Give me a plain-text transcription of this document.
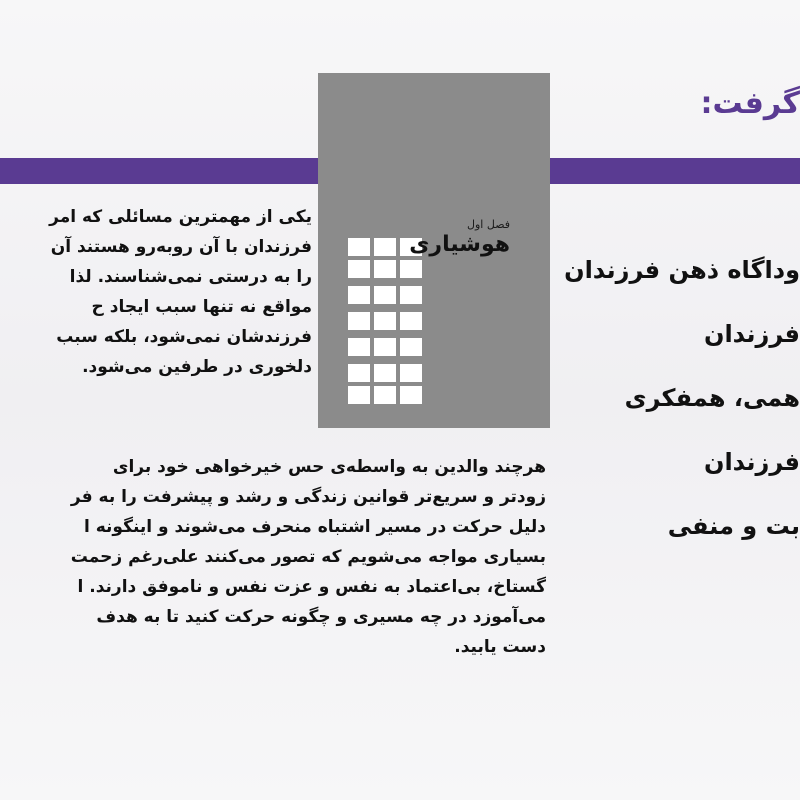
گرفت:
فصل اول
هوشیاری
یکی از مهمترین مسائلی که امر
فرزندان با آن روبه‌رو هستند آن
را به درستی نمی‌شناسند. لذا
مواقع نه تنها سبب ایجاد ح
فرزندشان نمی‌شود، بلکه سبب
دلخوری در طرفین می‌شود.
هرچند والدین به واسطه‌ی حس خیرخواهی خود برای
زودتر و سریع‌تر قوانین زندگی و رشد و پیشرفت را به فر
دلیل حرکت در مسیر اشتباه منحرف می‌شوند و اینگونه ا
بسیاری مواجه می‌شویم که تصور می‌کنند علی‌رغم زحمت
گستاخ، بی‌اعتماد به نفس و عزت نفس و ناموفق دارند. ا
می‌آموزد در چه مسیری و چگونه حرکت کنید تا به هدف
دست یابید.
وداگاه ذهن فرزندان
فرزندان
همی، همفکری
فرزندان
بت و منفی
